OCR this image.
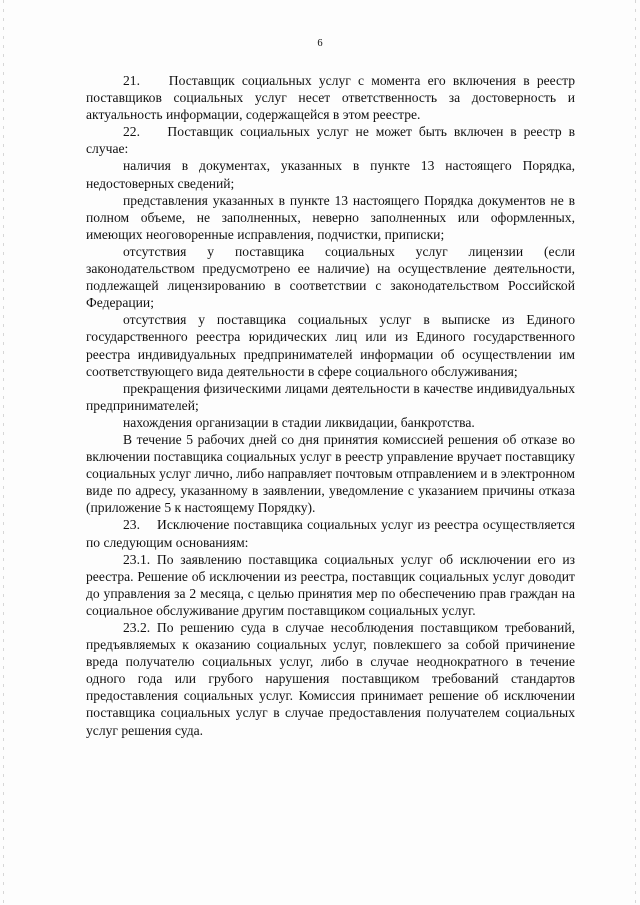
6

21.    Поставщик социальных услуг с момента его включения в реестр поставщиков социальных услуг несет ответственность за достоверность и актуальность информации, содержащейся в этом реестре.

22.    Поставщик социальных услуг не может быть включен в реестр в случае:

наличия в документах, указанных в пункте 13 настоящего Порядка, недостоверных сведений;

представления указанных в пункте 13 настоящего Порядка документов не в полном объеме, не заполненных, неверно заполненных или оформленных, имеющих неоговоренные исправления, подчистки, приписки;

отсутствия у поставщика социальных услуг лицензии (если законодательством предусмотрено ее наличие) на осуществление деятельности, подлежащей лицензированию в соответствии с законодательством Российской Федерации;

отсутствия у поставщика социальных услуг в выписке из Единого государственного реестра юридических лиц или из Единого государственного реестра индивидуальных предпринимателей информации об осуществлении им соответствующего вида деятельности в сфере социального обслуживания;

прекращения физическими лицами деятельности в качестве индивидуальных предпринимателей;

нахождения организации в стадии ликвидации, банкротства.

В течение 5 рабочих дней со дня принятия комиссией решения об отказе во включении поставщика социальных услуг в реестр управление вручает поставщику социальных услуг лично, либо направляет почтовым отправлением и в электронном виде по адресу, указанному в заявлении, уведомление с указанием причины отказа (приложение 5 к настоящему Порядку).

23.    Исключение поставщика социальных услуг из реестра осуществляется по следующим основаниям:

23.1. По заявлению поставщика социальных услуг об исключении его из реестра. Решение об исключении из реестра, поставщик социальных услуг доводит до управления за 2 месяца, с целью принятия мер по обеспечению прав граждан на социальное обслуживание другим поставщиком социальных услуг.

23.2. По решению суда в случае несоблюдения поставщиком требований, предъявляемых к оказанию социальных услуг, повлекшего за собой причинение вреда получателю социальных услуг, либо в случае неоднократного в течение одного года или грубого нарушения поставщиком требований стандартов предоставления социальных услуг. Комиссия принимает решение об исключении поставщика социальных услуг в случае предоставления получателем социальных услуг решения суда.
